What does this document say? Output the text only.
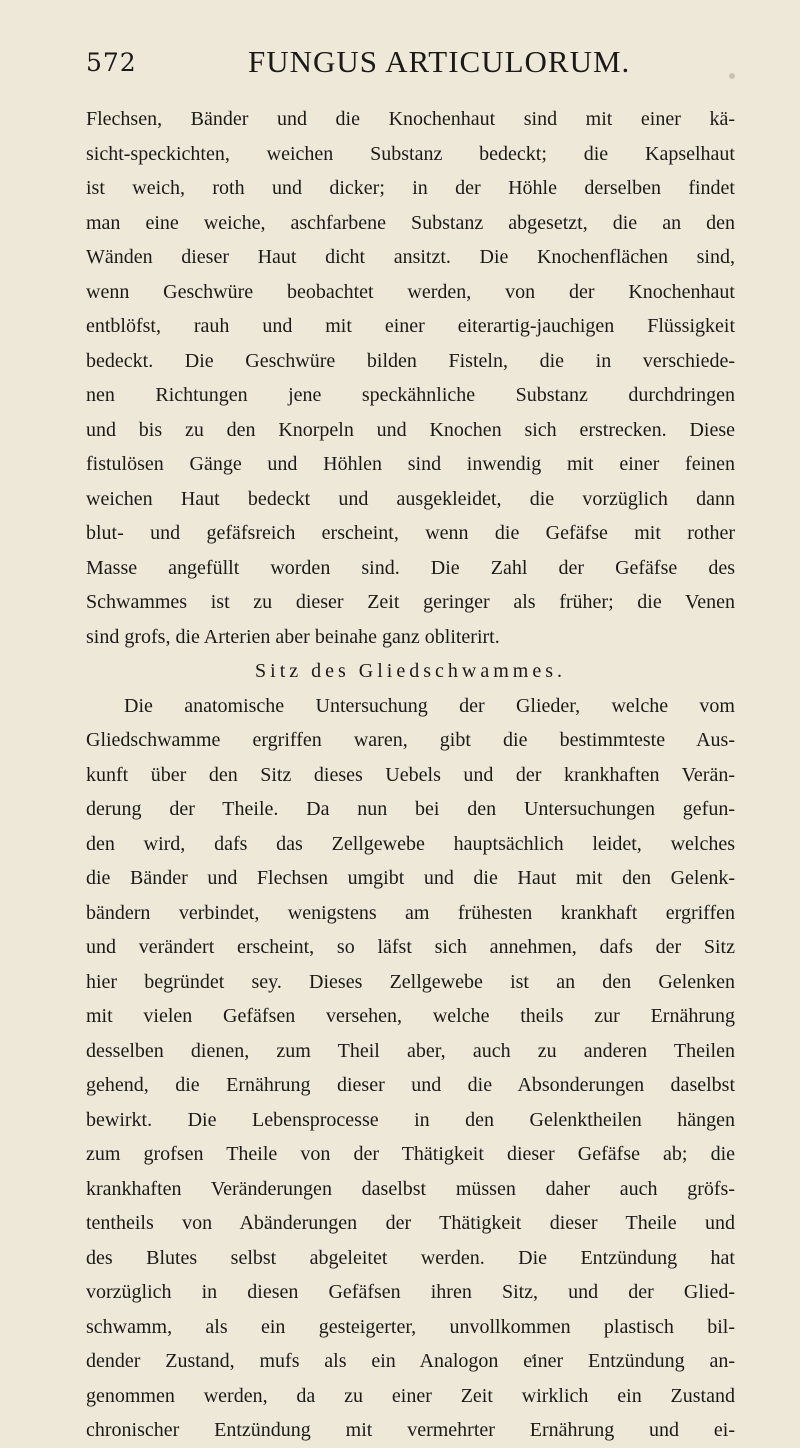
572	FUNGUS ARTICULORUM.
Flechsen, Bänder und die Knochenhaut sind mit einer kä-
sicht-speckichten, weichen Substanz bedeckt; die Kapselhaut
ist weich, roth und dicker; in der Höhle derselben findet
man eine weiche, aschfarbene Substanz abgesetzt, die an den
Wänden dieser Haut dicht ansitzt. Die Knochenflächen sind,
wenn Geschwüre beobachtet werden, von der Knochenhaut
entblöfst, rauh und mit einer eiterartig-jauchigen Flüssigkeit
bedeckt. Die Geschwüre bilden Fisteln, die in verschiede-
nen Richtungen jene speckähnliche Substanz durchdringen
und bis zu den Knorpeln und Knochen sich erstrecken. Diese
fistulösen Gänge und Höhlen sind inwendig mit einer feinen
weichen Haut bedeckt und ausgekleidet, die vorzüglich dann
blut- und gefäfsreich erscheint, wenn die Gefäfse mit rother
Masse angefüllt worden sind. Die Zahl der Gefäfse des
Schwammes ist zu dieser Zeit geringer als früher; die Venen
sind grofs, die Arterien aber beinahe ganz obliterirt.
Sitz des Gliedschwammes.
Die anatomische Untersuchung der Glieder, welche vom
Gliedschwamme ergriffen waren, gibt die bestimmteste Aus-
kunft über den Sitz dieses Uebels und der krankhaften Verän-
derung der Theile. Da nun bei den Untersuchungen gefun-
den wird, dafs das Zellgewebe hauptsächlich leidet, welches
die Bänder und Flechsen umgibt und die Haut mit den Gelenk-
bändern verbindet, wenigstens am frühesten krankhaft ergriffen
und verändert erscheint, so läfst sich annehmen, dafs der Sitz
hier begründet sey. Dieses Zellgewebe ist an den Gelenken
mit vielen Gefäfsen versehen, welche theils zur Ernährung
desselben dienen, zum Theil aber, auch zu anderen Theilen
gehend, die Ernährung dieser und die Absonderungen daselbst
bewirkt. Die Lebensprocesse in den Gelenktheilen hängen
zum grofsen Theile von der Thätigkeit dieser Gefäfse ab; die
krankhaften Veränderungen daselbst müssen daher auch gröfs-
tentheils von Abänderungen der Thätigkeit dieser Theile und
des Blutes selbst abgeleitet werden. Die Entzündung hat
vorzüglich in diesen Gefäfsen ihren Sitz, und der Glied-
schwamm, als ein gesteigerter, unvollkommen plastisch bil-
dender Zustand, mufs als ein Analogon einer Entzündung an-
genommen werden, da zu einer Zeit wirklich ein Zustand
chronischer Entzündung mit vermehrter Ernährung und ei-
